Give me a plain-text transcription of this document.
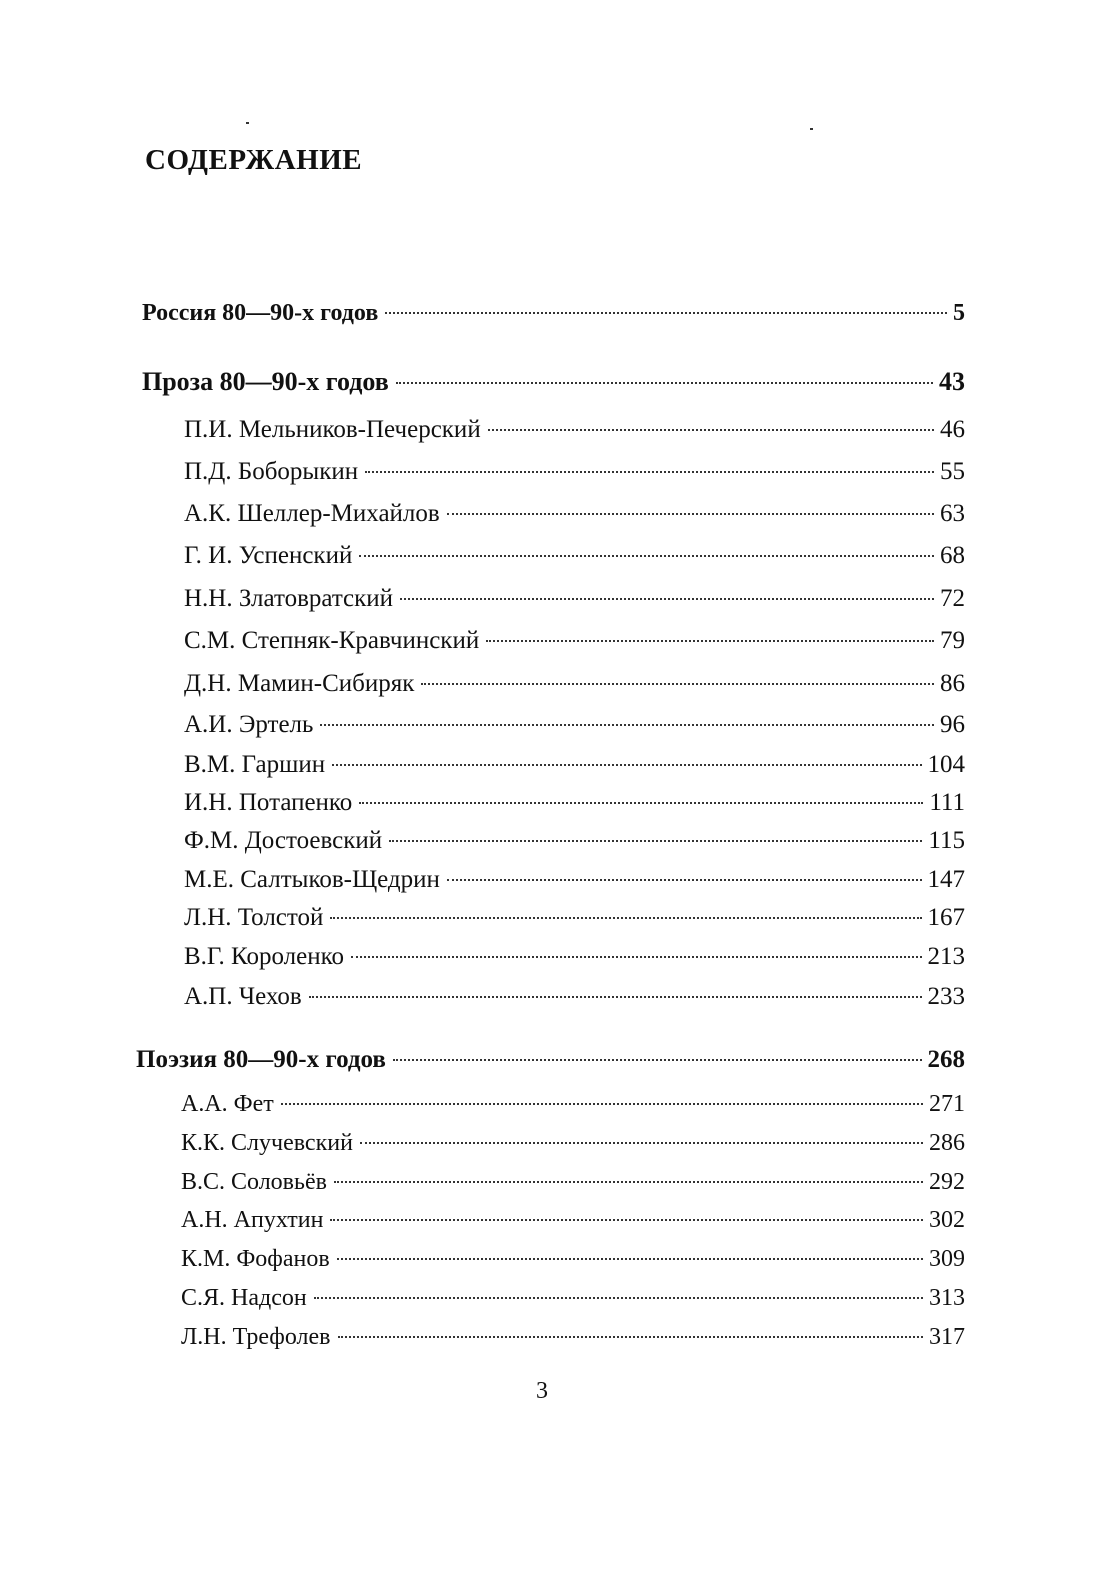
СОДЕРЖАНИЕ
Россия 80—90-х годов	5
Проза 80—90-х годов	43
П.И. Мельников-Печерский	46
П.Д. Боборыкин	55
А.К. Шеллер-Михайлов	63
Г. И. Успенский	68
Н.Н. Златовратский	72
С.М. Степняк-Кравчинский	79
Д.Н. Мамин-Сибиряк	86
А.И. Эртель	96
В.М. Гаршин	104
И.Н. Потапенко	111
Ф.М. Достоевский	115
М.Е. Салтыков-Щедрин	147
Л.Н. Толстой	167
В.Г. Короленко	213
А.П. Чехов	233
Поэзия 80—90-х годов	268
А.А. Фет	271
К.К. Случевский	286
В.С. Соловьёв	292
А.Н. Апухтин	302
К.М. Фофанов	309
С.Я. Надсон	313
Л.Н. Трефолев	317
3
